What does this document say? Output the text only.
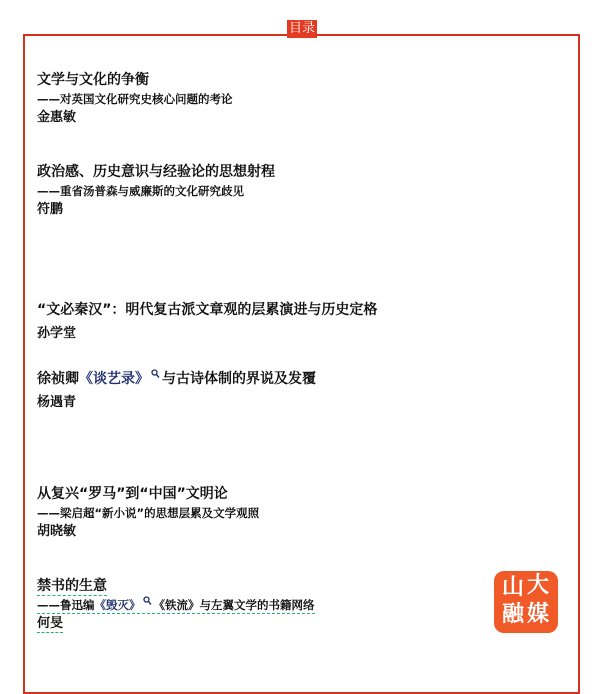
目录
文学与文化的争衡
——对英国文化研究史核心问题的考论
金惠敏
政治感、历史意识与经验论的思想射程
——重省汤普森与威廉斯的文化研究歧见
符鹏
“文必秦汉”：明代复古派文章观的层累演进与历史定格
孙学堂
徐祯卿《谈艺录》 与古诗体制的界说及发覆
杨遇青
从复兴“罗马”到“中国”文明论
——梁启超“新小说”的思想层累及文学观照
胡晓敏
禁书的生意
——鲁迅编《毁灭》 《铁流》与左翼文学的书籍网络
何旻
山 大
融 媒
